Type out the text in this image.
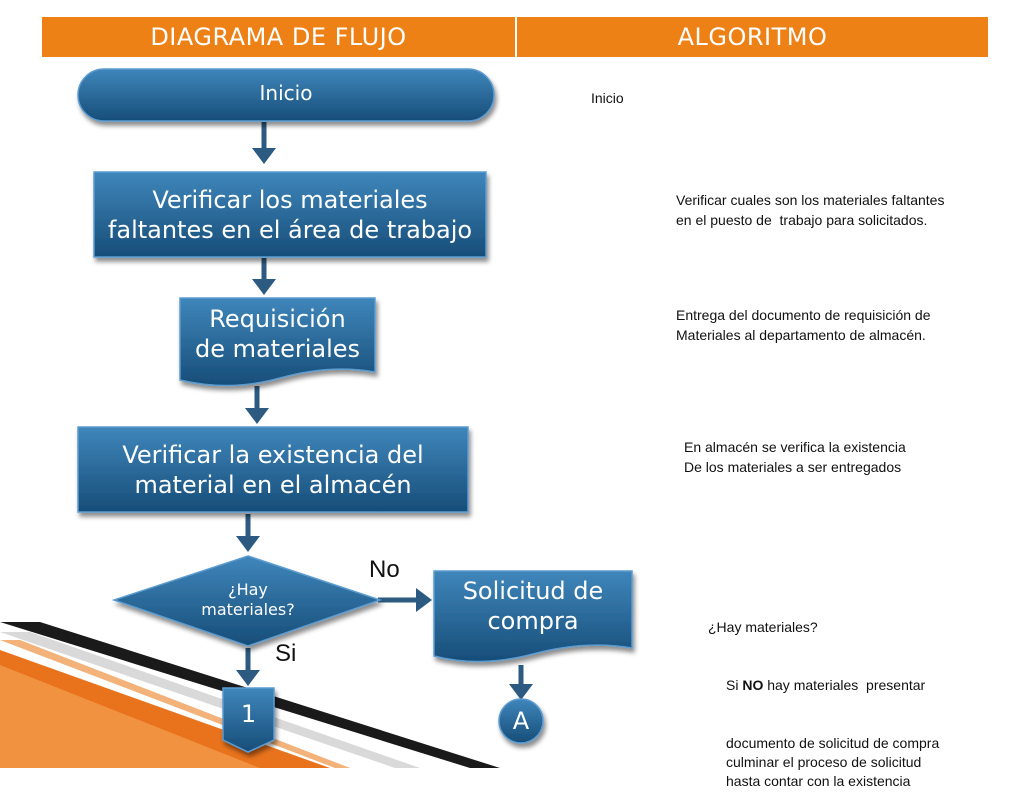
DIAGRAMA DE FLUJO	ALGORITMO
Inicio
Verificar los materiales
faltantes en el área de trabajo
Requisición
de materiales
Verificar la existencia del
material en el almacén
¿Hay
materiales?
Solicitud de
compra
1	A
No
Si
Inicio
Verificar cuales son los materiales faltantes
en el puesto de  trabajo para solicitados.
Entrega del documento de requisición de
Materiales al departamento de almacén.
En almacén se verifica la existencia
De los materiales a ser entregados

¿Hay materiales?

Si NO hay materiales  presentar

documento de solicitud de compra
culminar el proceso de solicitud
hasta contar con la existencia
